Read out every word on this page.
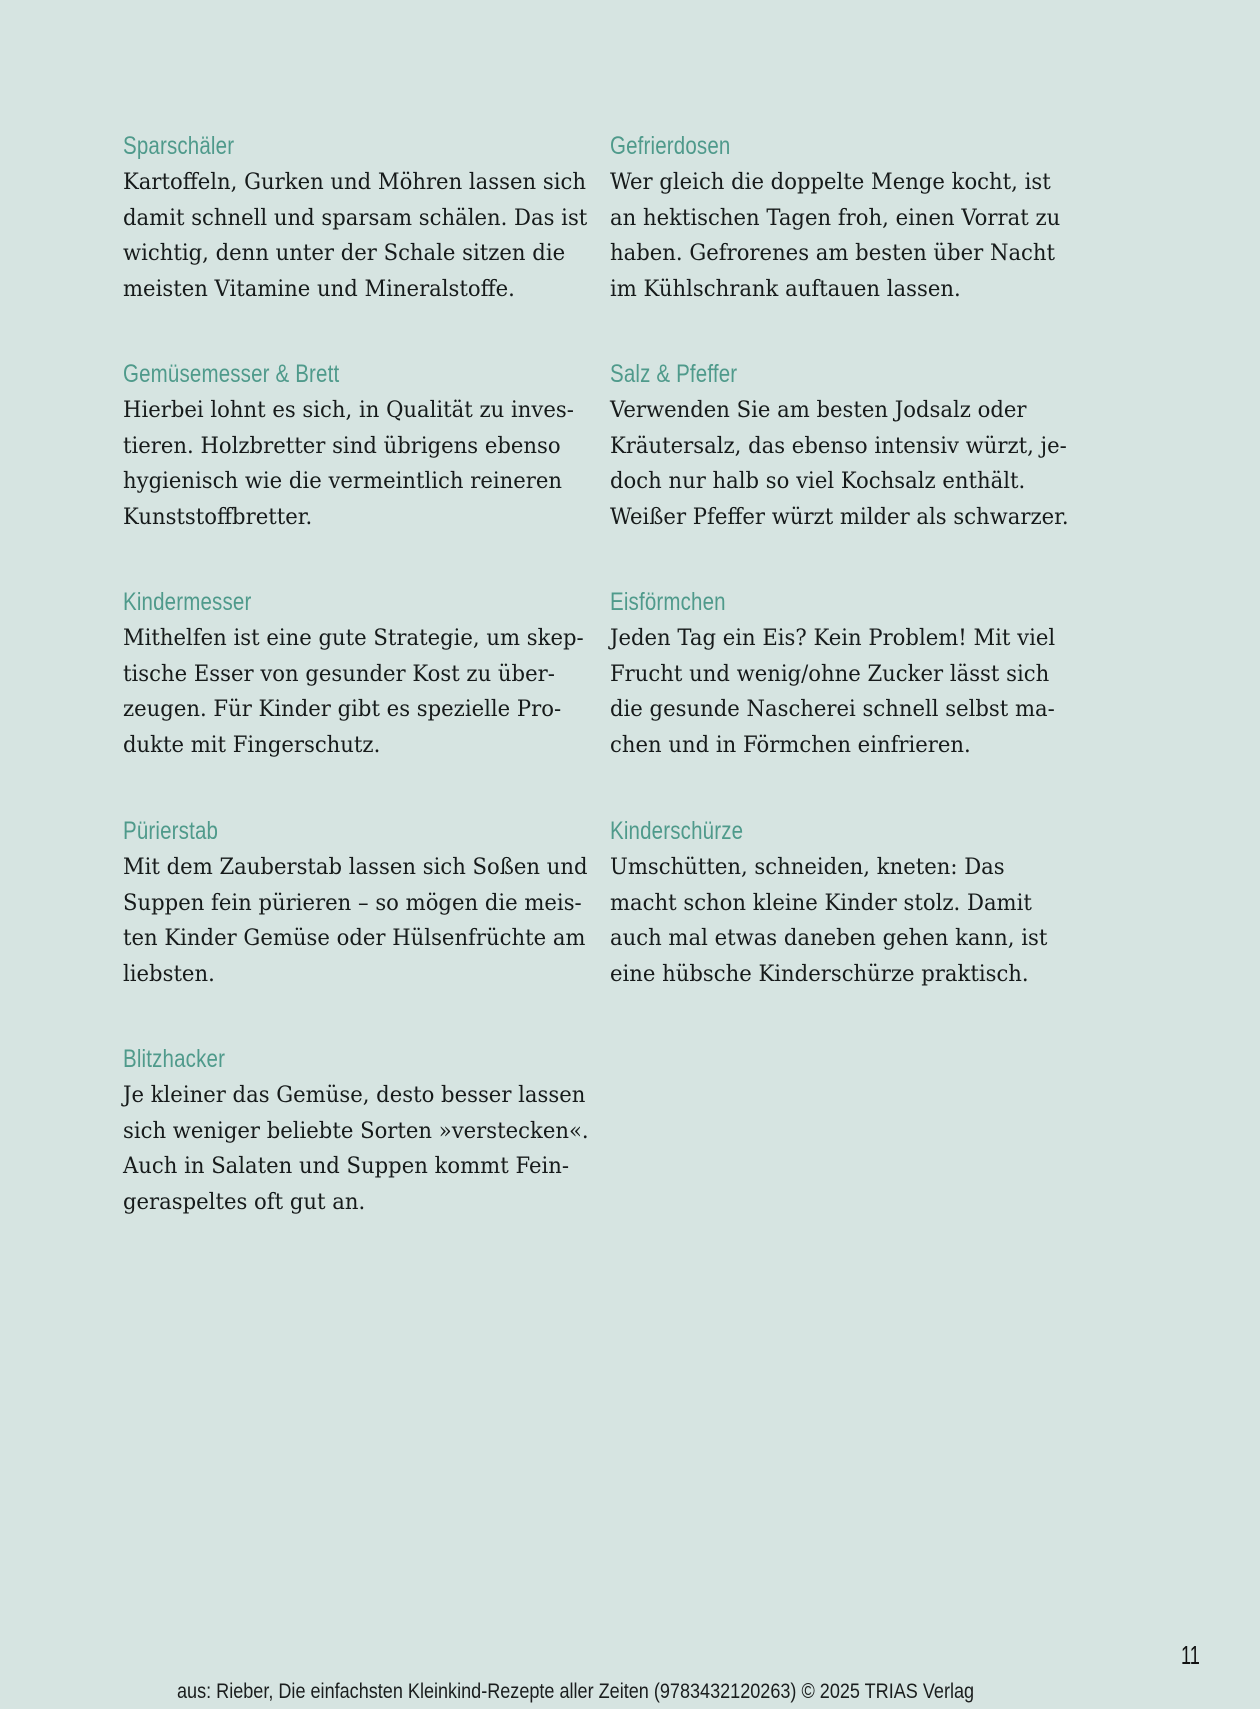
Sparschäler
Kartoffeln, Gurken und Möhren lassen sich
damit schnell und sparsam schälen. Das ist
wichtig, denn unter der Schale sitzen die
meisten Vitamine und Mineralstoffe.
Gefrierdosen
Wer gleich die doppelte Menge kocht, ist
an hektischen Tagen froh, einen Vorrat zu
haben. Gefrorenes am besten über Nacht
im Kühlschrank auftauen lassen.
Gemüsemesser & Brett
Hierbei lohnt es sich, in Qualität zu inves-
tieren. Holzbretter sind übrigens ebenso
hygienisch wie die vermeintlich reineren
Kunststoffbretter.
Salz & Pfeffer
Verwenden Sie am besten Jodsalz oder
Kräutersalz, das ebenso intensiv würzt, je-
doch nur halb so viel Kochsalz enthält.
Weißer Pfeffer würzt milder als schwarzer.
Kindermesser
Mithelfen ist eine gute Strategie, um skep-
tische Esser von gesunder Kost zu über-
zeugen. Für Kinder gibt es spezielle Pro-
dukte mit Fingerschutz.
Eisförmchen
Jeden Tag ein Eis? Kein Problem! Mit viel
Frucht und wenig/ohne Zucker lässt sich
die gesunde Nascherei schnell selbst ma-
chen und in Förmchen einfrieren.
Pürierstab
Mit dem Zauberstab lassen sich Soßen und
Suppen fein pürieren – so mögen die meis-
ten Kinder Gemüse oder Hülsenfrüchte am
liebsten.
Kinderschürze
Umschütten, schneiden, kneten: Das
macht schon kleine Kinder stolz. Damit
auch mal etwas daneben gehen kann, ist
eine hübsche Kinderschürze praktisch.
Blitzhacker
Je kleiner das Gemüse, desto besser lassen
sich weniger beliebte Sorten »verstecken«.
Auch in Salaten und Suppen kommt Fein-
geraspeltes oft gut an.
11
aus: Rieber, Die einfachsten Kleinkind-Rezepte aller Zeiten (9783432120263) © 2025 TRIAS Verlag
